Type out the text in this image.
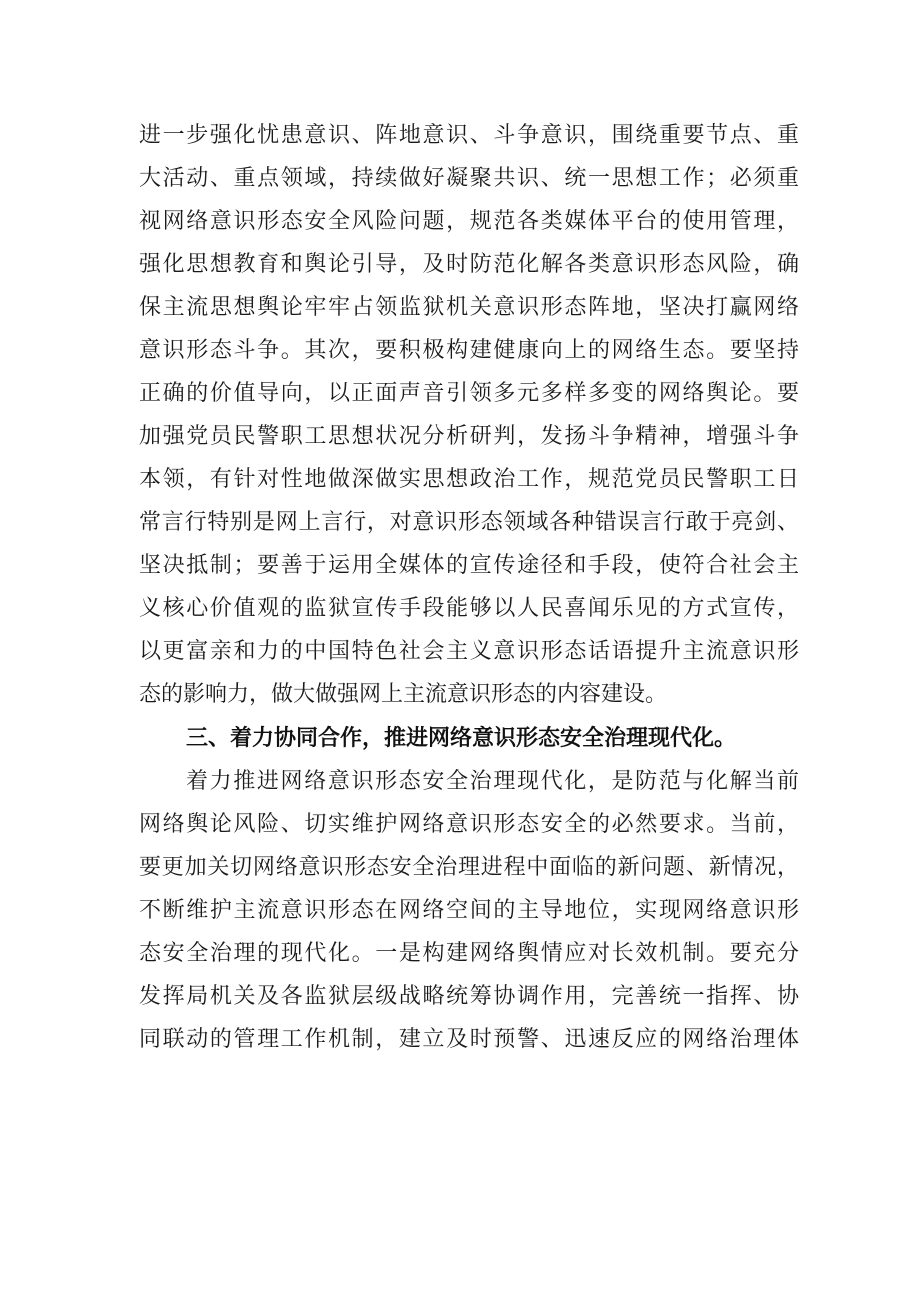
进一步强化忧患意识、阵地意识、斗争意识，围绕重要节点、重
大活动、重点领域，持续做好凝聚共识、统一思想工作；必须重
视网络意识形态安全风险问题，规范各类媒体平台的使用管理，
强化思想教育和舆论引导，及时防范化解各类意识形态风险，确
保主流思想舆论牢牢占领监狱机关意识形态阵地，坚决打赢网络
意识形态斗争。其次，要积极构建健康向上的网络生态。要坚持
正确的价值导向，以正面声音引领多元多样多变的网络舆论。要
加强党员民警职工思想状况分析研判，发扬斗争精神，增强斗争
本领，有针对性地做深做实思想政治工作，规范党员民警职工日
常言行特别是网上言行，对意识形态领域各种错误言行敢于亮剑、
坚决抵制；要善于运用全媒体的宣传途径和手段，使符合社会主
义核心价值观的监狱宣传手段能够以人民喜闻乐见的方式宣传，
以更富亲和力的中国特色社会主义意识形态话语提升主流意识形
态的影响力，做大做强网上主流意识形态的内容建设。
三、着力协同合作，推进网络意识形态安全治理现代化。
着力推进网络意识形态安全治理现代化，是防范与化解当前
网络舆论风险、切实维护网络意识形态安全的必然要求。当前，
要更加关切网络意识形态安全治理进程中面临的新问题、新情况，
不断维护主流意识形态在网络空间的主导地位，实现网络意识形
态安全治理的现代化。一是构建网络舆情应对长效机制。要充分
发挥局机关及各监狱层级战略统筹协调作用，完善统一指挥、协
同联动的管理工作机制，建立及时预警、迅速反应的网络治理体
